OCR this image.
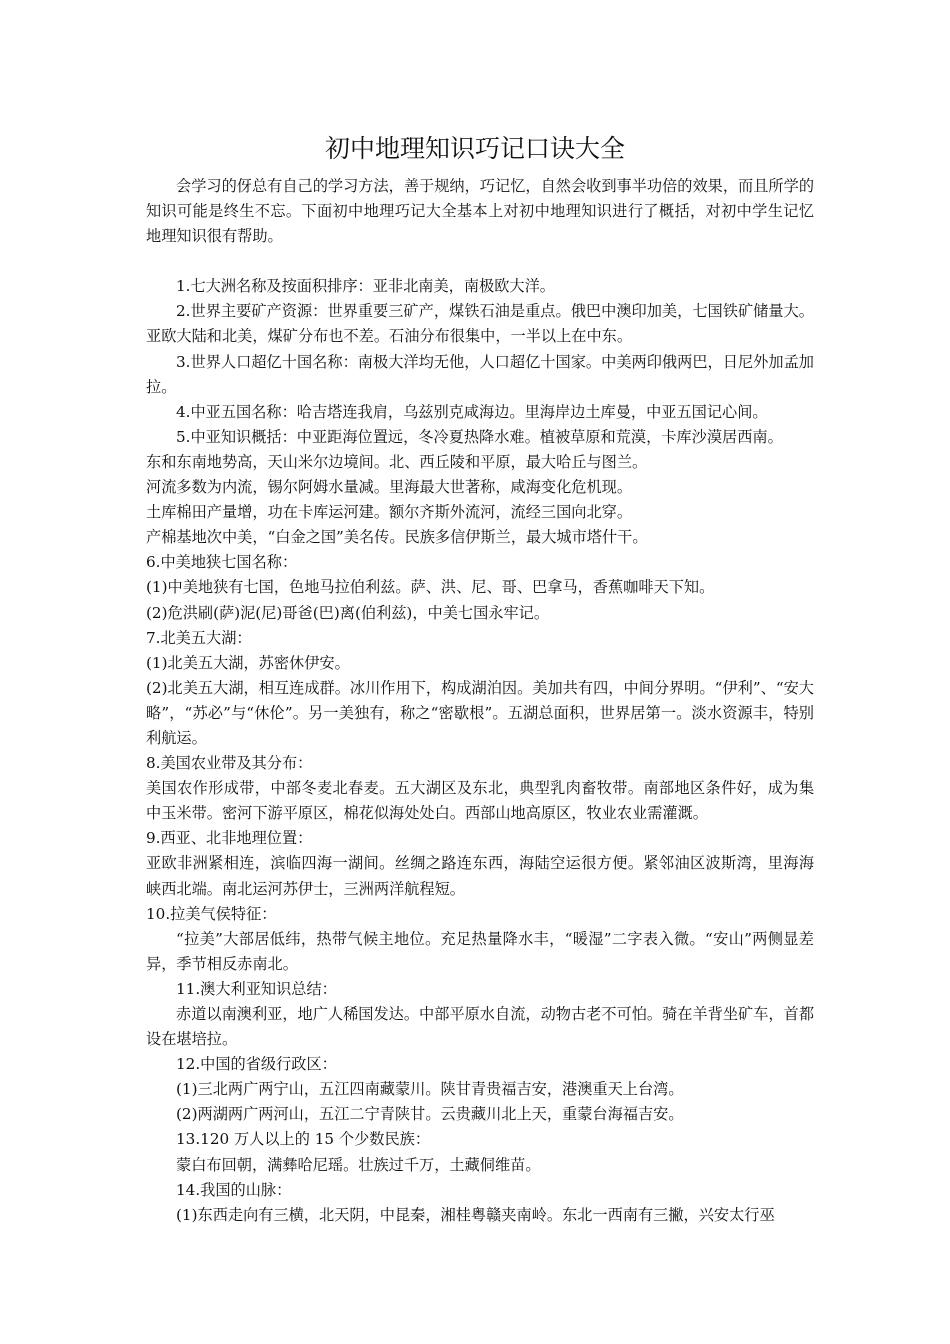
初中地理知识巧记口诀大全

会学习的伢总有自己的学习方法，善于规纳，巧记忆，自然会收到事半功倍的效果，而且所学的知识可能是终生不忘。下面初中地理巧记大全基本上对初中地理知识进行了概括，对初中学生记忆地理知识很有帮助。

1.七大洲名称及按面积排序：亚非北南美，南极欧大洋。

2.世界主要矿产资源：世界重要三矿产，煤铁石油是重点。俄巴中澳印加美，七国铁矿储量大。亚欧大陆和北美，煤矿分布也不差。石油分布很集中，一半以上在中东。

3.世界人口超亿十国名称：南极大洋均无他，人口超亿十国家。中美两印俄两巴，日尼外加孟加拉。

4.中亚五国名称：哈吉塔连我肩，乌兹别克咸海边。里海岸边土库曼，中亚五国记心间。

5.中亚知识概括：中亚距海位置远，冬冷夏热降水难。植被草原和荒漠，卡库沙漠居西南。

东和东南地势高，天山米尔边境间。北、西丘陵和平原，最大哈丘与图兰。

河流多数为内流，锡尔阿姆水量减。里海最大世著称，咸海变化危机现。

土库棉田产量增，功在卡库运河建。额尔齐斯外流河，流经三国向北穿。

产棉基地次中美，“白金之国”美名传。民族多信伊斯兰，最大城市塔什干。

6.中美地狭七国名称：

(1)中美地狭有七国，色地马拉伯利兹。萨、洪、尼、哥、巴拿马，香蕉咖啡天下知。

(2)危洪刷(萨)泥(尼)哥爸(巴)离(伯利兹)，中美七国永牢记。

7.北美五大湖：

(1)北美五大湖，苏密休伊安。

(2)北美五大湖，相互连成群。冰川作用下，构成湖泊因。美加共有四，中间分界明。“伊利”、“安大略”，“苏必”与“休伦”。另一美独有，称之“密歇根”。五湖总面积，世界居第一。淡水资源丰，特别利航运。

8.美国农业带及其分布：

美国农作形成带，中部冬麦北春麦。五大湖区及东北，典型乳肉畜牧带。南部地区条件好，成为集中玉米带。密河下游平原区，棉花似海处处白。西部山地高原区，牧业农业需灌溉。

9.西亚、北非地理位置：

亚欧非洲紧相连，滨临四海一湖间。丝绸之路连东西，海陆空运很方便。紧邻油区波斯湾，里海海峡西北端。南北运河苏伊士，三洲两洋航程短。

10.拉美气侯特征：

“拉美”大部居低纬，热带气候主地位。充足热量降水丰，“暖湿”二字表入微。“安山”两侧显差异，季节相反赤南北。

11.澳大利亚知识总结：

赤道以南澳利亚，地广人稀国发达。中部平原水自流，动物古老不可怕。骑在羊背坐矿车，首都设在堪培拉。

12.中国的省级行政区：

(1)三北两广两宁山，五江四南藏蒙川。陕甘青贵福吉安，港澳重天上台湾。

(2)两湖两广两河山，五江二宁青陕甘。云贵藏川北上天，重蒙台海福吉安。

13.120 万人以上的 15 个少数民族：

蒙白布回朝，满彝哈尼瑶。壮族过千万，土藏侗维苗。

14.我国的山脉：

(1)东西走向有三横，北天阴，中昆秦，湘桂粤赣夹南岭。东北一西南有三撇，兴安太行巫
